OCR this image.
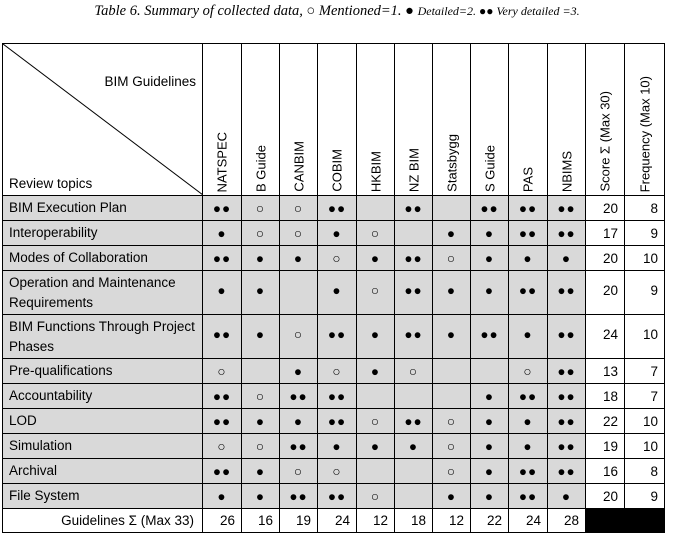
Table 6. Summary of collected data, ○ Mentioned=1. ● Detailed=2. ●● Very detailed =3.
BIM Guidelines
Review topics	NATSPEC	B Guide	CANBIM	COBIM	HKBIM	NZ BIM	Statsbygg	S Guide	PAS	NBIMS	Score Σ (Max 30)	Frequency (Max 10)

BIM Execution Plan	●●	○	○	●●		●●		●●	●●	●●	20	8
Interoperability	●	○	○	●	○		●	●	●●	●●	17	9
Modes of Collaboration	●●	●	●	○	●	●●	○	●	●	●	20	10
Operation and Maintenance Requirements	●	●		●	○	●●	●	●	●●	●●	20	9
BIM Functions Through Project Phases	●●	●	○	●●	●	●●	●	●●	●	●●	24	10
Pre-qualifications	○		●	○	●	○			○	●●	13	7
Accountability	●●	○	●●	●●				●	●●	●●	18	7
LOD	●●	●	●	●●	○	●●	○	●	●	●●	22	10
Simulation	○	○	●●	●	●	●	○	●	●	●●	19	10
Archival	●●	●	○	○			○	●	●●	●●	16	8
File System	●	●	●●	●●	○		●	●	●●	●	20	9
Guidelines Σ (Max 33)	26	16	19	24	12	18	12	22	24	28		
